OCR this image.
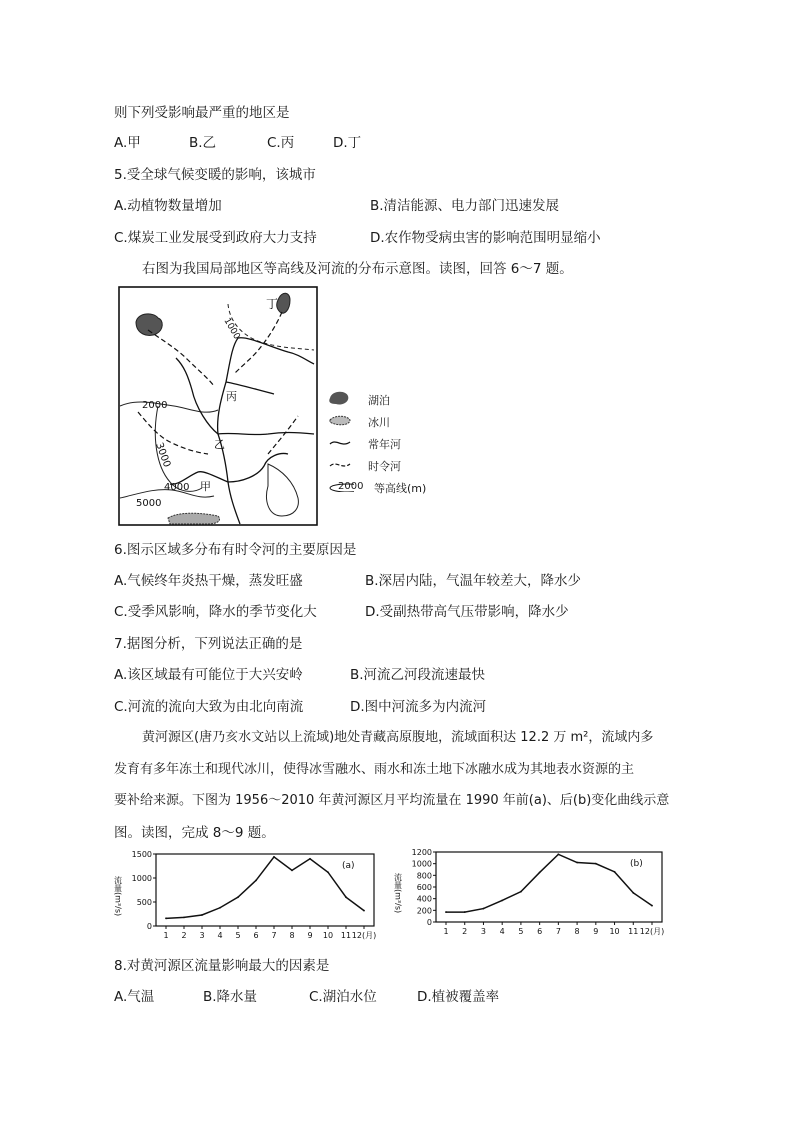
则下列受影响最严重的地区是
A.甲	B.乙	C.丙	D.丁
5.受全球气候变暖的影响，该城市
A.动植物数量增加	B.清洁能源、电力部门迅速发展
C.煤炭工业发展受到政府大力支持	D.农作物受病虫害的影响范围明显缩小
右图为我国局部地区等高线及河流的分布示意图。读图，回答 6～7 题。
丁
丙
乙
甲
1000
2000
3000
4000
5000
湖泊
冰川
常年河
时令河
2000 等高线(m)
6.图示区域多分布有时令河的主要原因是
A.气候终年炎热干燥，蒸发旺盛	B.深居内陆，气温年较差大，降水少
C.受季风影响，降水的季节变化大	D.受副热带高气压带影响，降水少
7.据图分析，下列说法正确的是
A.该区域最有可能位于大兴安岭	B.河流乙河段流速最快
C.河流的流向大致为由北向南流	D.图中河流多为内流河
黄河源区(唐乃亥水文站以上流域)地处青藏高原腹地，流域面积达 12.2 万 m²，流域内多
发育有多年冻土和现代冰川，使得冰雪融水、雨水和冻土地下冰融水成为其地表水资源的主
要补给来源。下图为 1956～2010 年黄河源区月平均流量在 1990 年前(a)、后(b)变化曲线示意
图。读图，完成 8～9 题。
流量(m³/s)
(a)
1500
1000
500
0
1 2 3 4 5 6 7 8 9 10 11 12(月)
流量(m³/s)
(b)
1200
1000
800
600
400
200
0
1 2 3 4 5 6 7 8 9 10 11 12(月)
8.对黄河源区流量影响最大的因素是
A.气温	B.降水量	C.湖泊水位	D.植被覆盖率
